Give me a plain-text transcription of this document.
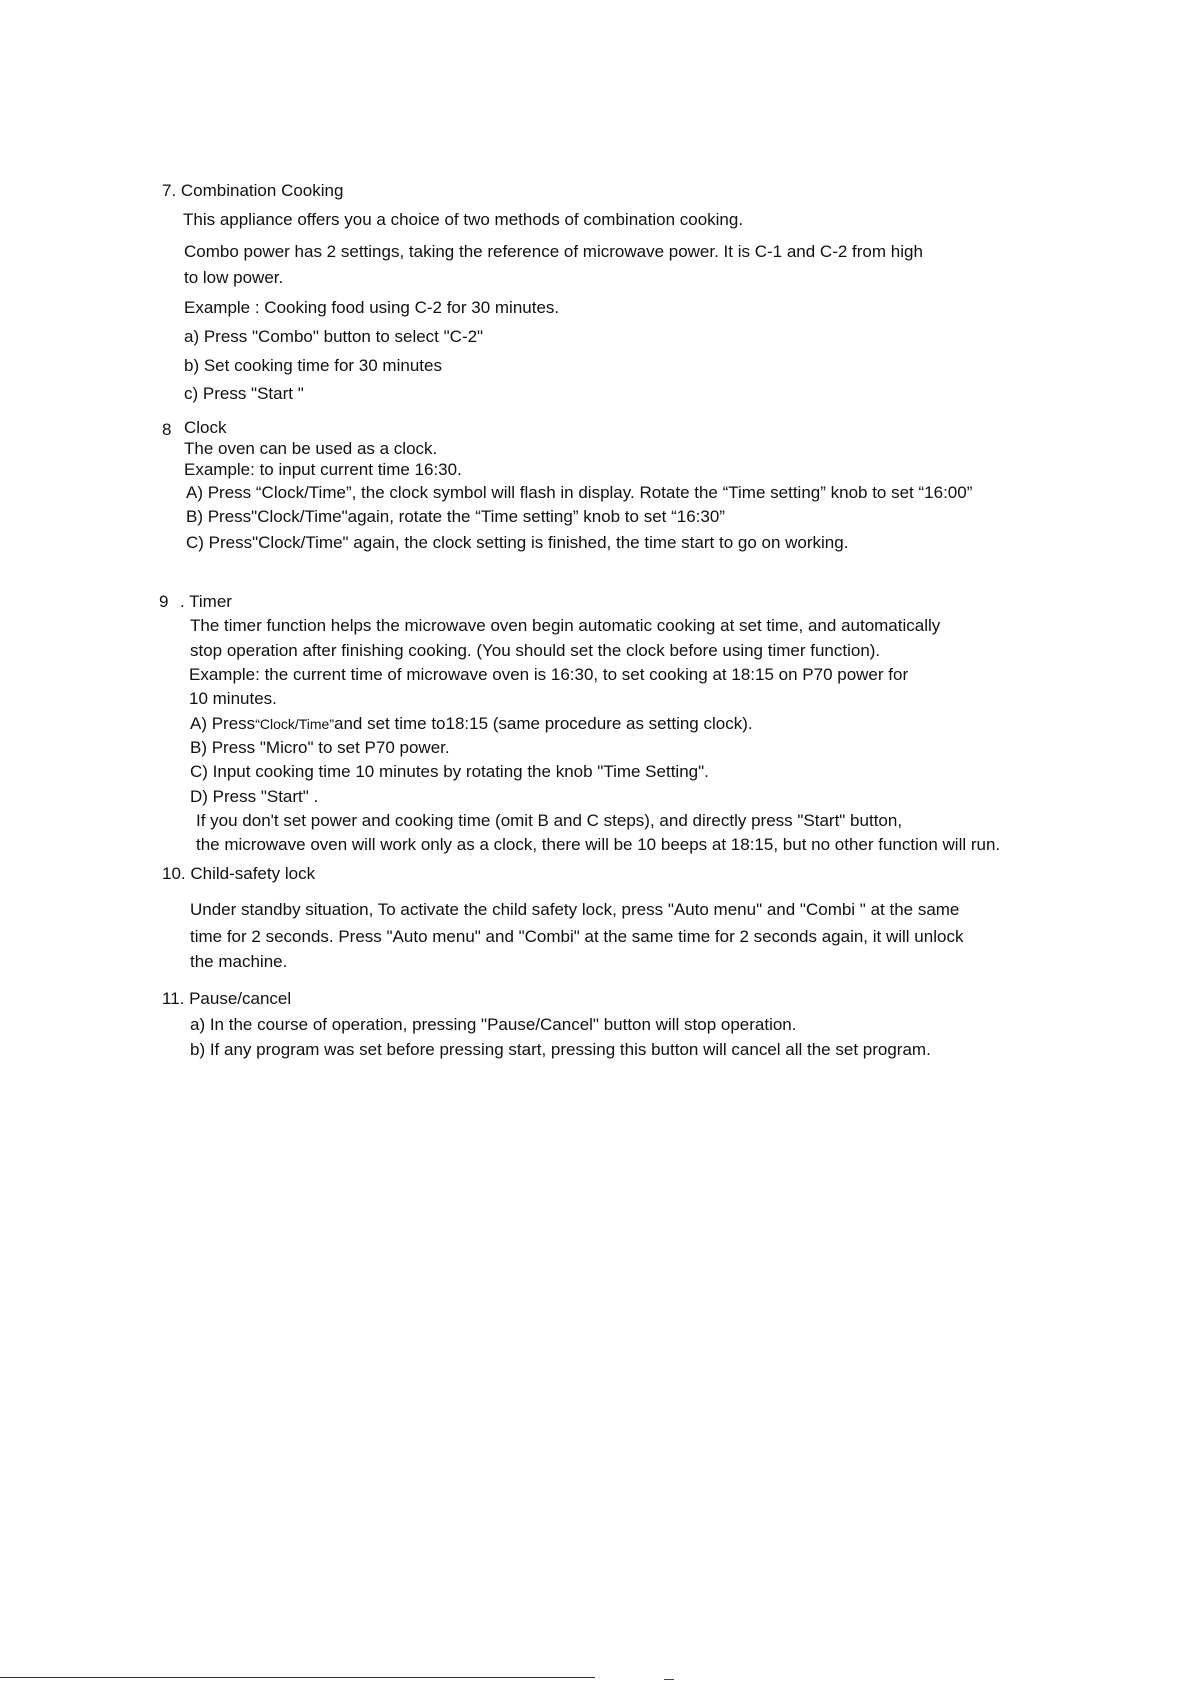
7. Combination Cooking

This appliance offers you a choice of two methods of combination cooking.

Combo power has 2 settings, taking the reference of microwave power. It is C-1 and C-2 from high

to low power.

Example : Cooking food using C-2 for 30 minutes.

a) Press "Combo" button to select "C-2"

b) Set cooking time for 30 minutes

c) Press "Start "

8 Clock

The oven can be used as a clock.

Example: to input current time 16:30.

A) Press “Clock/Time”, the clock symbol will flash in display. Rotate the “Time setting” knob to set “16:00”

B) Press"Clock/Time"again, rotate the “Time setting” knob to set “16:30”

C) Press"Clock/Time" again, the clock setting is finished, the time start to go on working.

9 . Timer

The timer function helps the microwave oven begin automatic cooking at set time, and automatically

stop operation after finishing cooking. (You should set the clock before using timer function).

Example: the current time of microwave oven is 16:30, to set cooking at 18:15 on P70 power for

10 minutes.

A) Press“Clock/Time”and set time to18:15 (same procedure as setting clock).

B) Press "Micro" to set P70 power.

C) Input cooking time 10 minutes by rotating the knob "Time Setting".

D) Press "Start" .

If you don't set power and cooking time (omit B and C steps), and directly press "Start" button,

the microwave oven will work only as a clock, there will be 10 beeps at 18:15, but no other function will run.

10. Child-safety lock

Under standby situation, To activate the child safety lock, press "Auto menu" and "Combi " at the same

time for 2 seconds. Press "Auto menu" and "Combi" at the same time for 2 seconds again, it will unlock

the machine.

11. Pause/cancel

a) In the course of operation, pressing "Pause/Cancel" button will stop operation.

b) If any program was set before pressing start, pressing this button will cancel all the set program.
